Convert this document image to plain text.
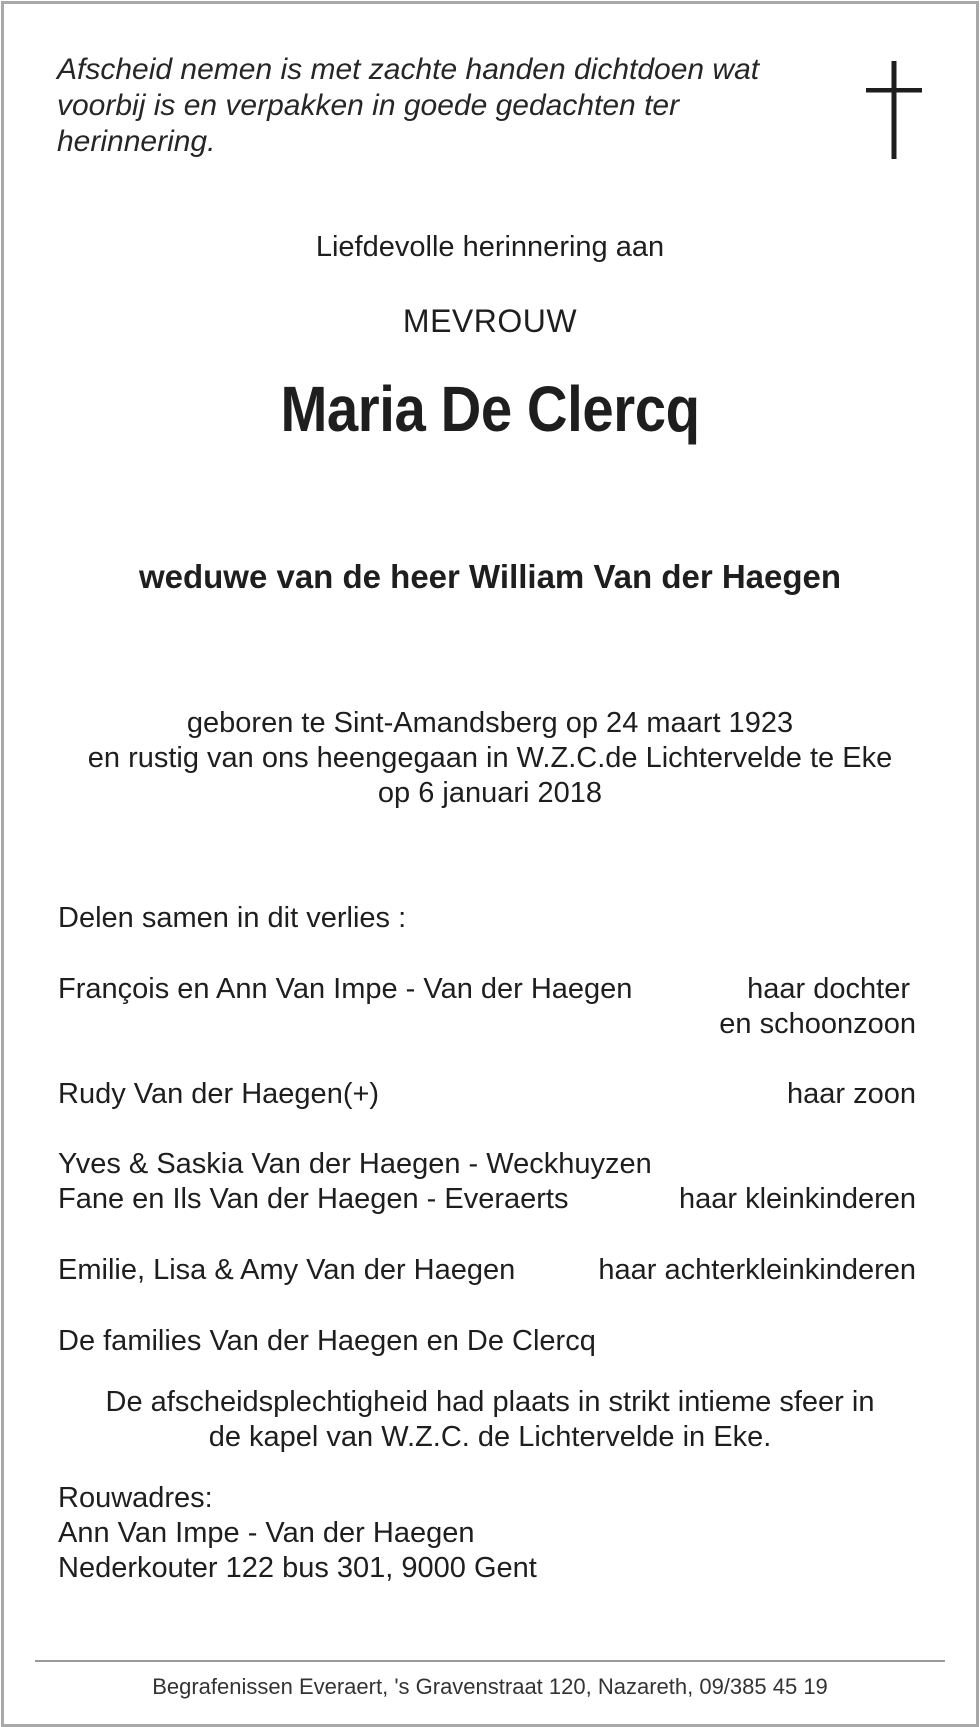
Afscheid nemen is met zachte handen dichtdoen wat
voorbij is en verpakken in goede gedachten ter
herinnering.
Liefdevolle herinnering aan
MEVROUW
Maria De Clercq
weduwe van de heer William Van der Haegen
geboren te Sint-Amandsberg op 24 maart 1923
en rustig van ons heengegaan in W.Z.C.de Lichtervelde te Eke
op 6 januari 2018
Delen samen in dit verlies :
François en Ann Van Impe - Van der Haegen	haar dochter
en schoonzoon
Rudy Van der Haegen(+)	haar zoon
Yves & Saskia Van der Haegen - Weckhuyzen
Fane en Ils Van der Haegen - Everaerts	haar kleinkinderen
Emilie, Lisa & Amy Van der Haegen	haar achterkleinkinderen
De families Van der Haegen en De Clercq
De afscheidsplechtigheid had plaats in strikt intieme sfeer in
de kapel van W.Z.C. de Lichtervelde in Eke.
Rouwadres:
Ann Van Impe - Van der Haegen
Nederkouter 122 bus 301, 9000 Gent
Begrafenissen Everaert, 's Gravenstraat 120, Nazareth, 09/385 45 19
